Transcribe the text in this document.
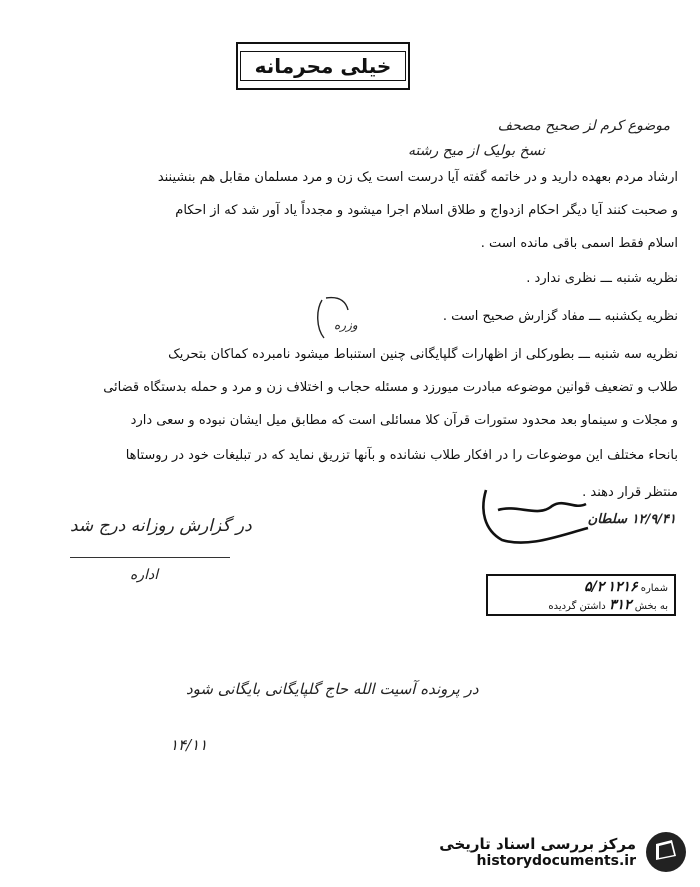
خیلی محرمانه
موضوع کرم لز صحیح مصحف
نسخ بولیک از میح رشته
ارشاد مردم بعهده دارید و در خاتمه گفته آیا درست است یک زن و مرد مسلمان مقابل هم بنشینند
و صحبت کنند آیا دیگر احکام ازدواج و طلاق اسلام اجرا میشود و مجدداً یاد آور شد که از احکام
اسلام فقط اسمی باقی مانده است .
نظریه شنبه ـــ نظری ندارد .
نظریه یکشنبه ـــ مفاد گزارش صحیح است .
وزره
نظریه سه شنبه ـــ بطورکلی از اظهارات گلپایگانی چنین استنباط میشود نامبرده کماکان بتحریک
طلاب و تضعیف قوانین موضوعه مبادرت میورزد و مسئله حجاب و اختلاف زن و مرد و حمله بدستگاه قضائی
و مجلات و سینماو بعد محدود ستورات قرآن کلا مسائلی است که مطابق میل ایشان نبوده و سعی دارد
بانحاء مختلف این موضوعات را در افکار طلاب نشانده و بآنها تزریق نماید که در تبلیغات خود در روستاها
منتظر قرار دهند .
۱۲/۹/۴۱ سلطان
در گزارش روزانه درج شد
اداره
شماره ۱۲۱۶ ۵/۲
به بخش ۳۱۲ داشتن گردیده
در پرونده آسیت الله حاج گلپایگانی بایگانی شود
۱۴/۱۱
مرکز بررسی اسناد تاریخی
historydocuments.ir
